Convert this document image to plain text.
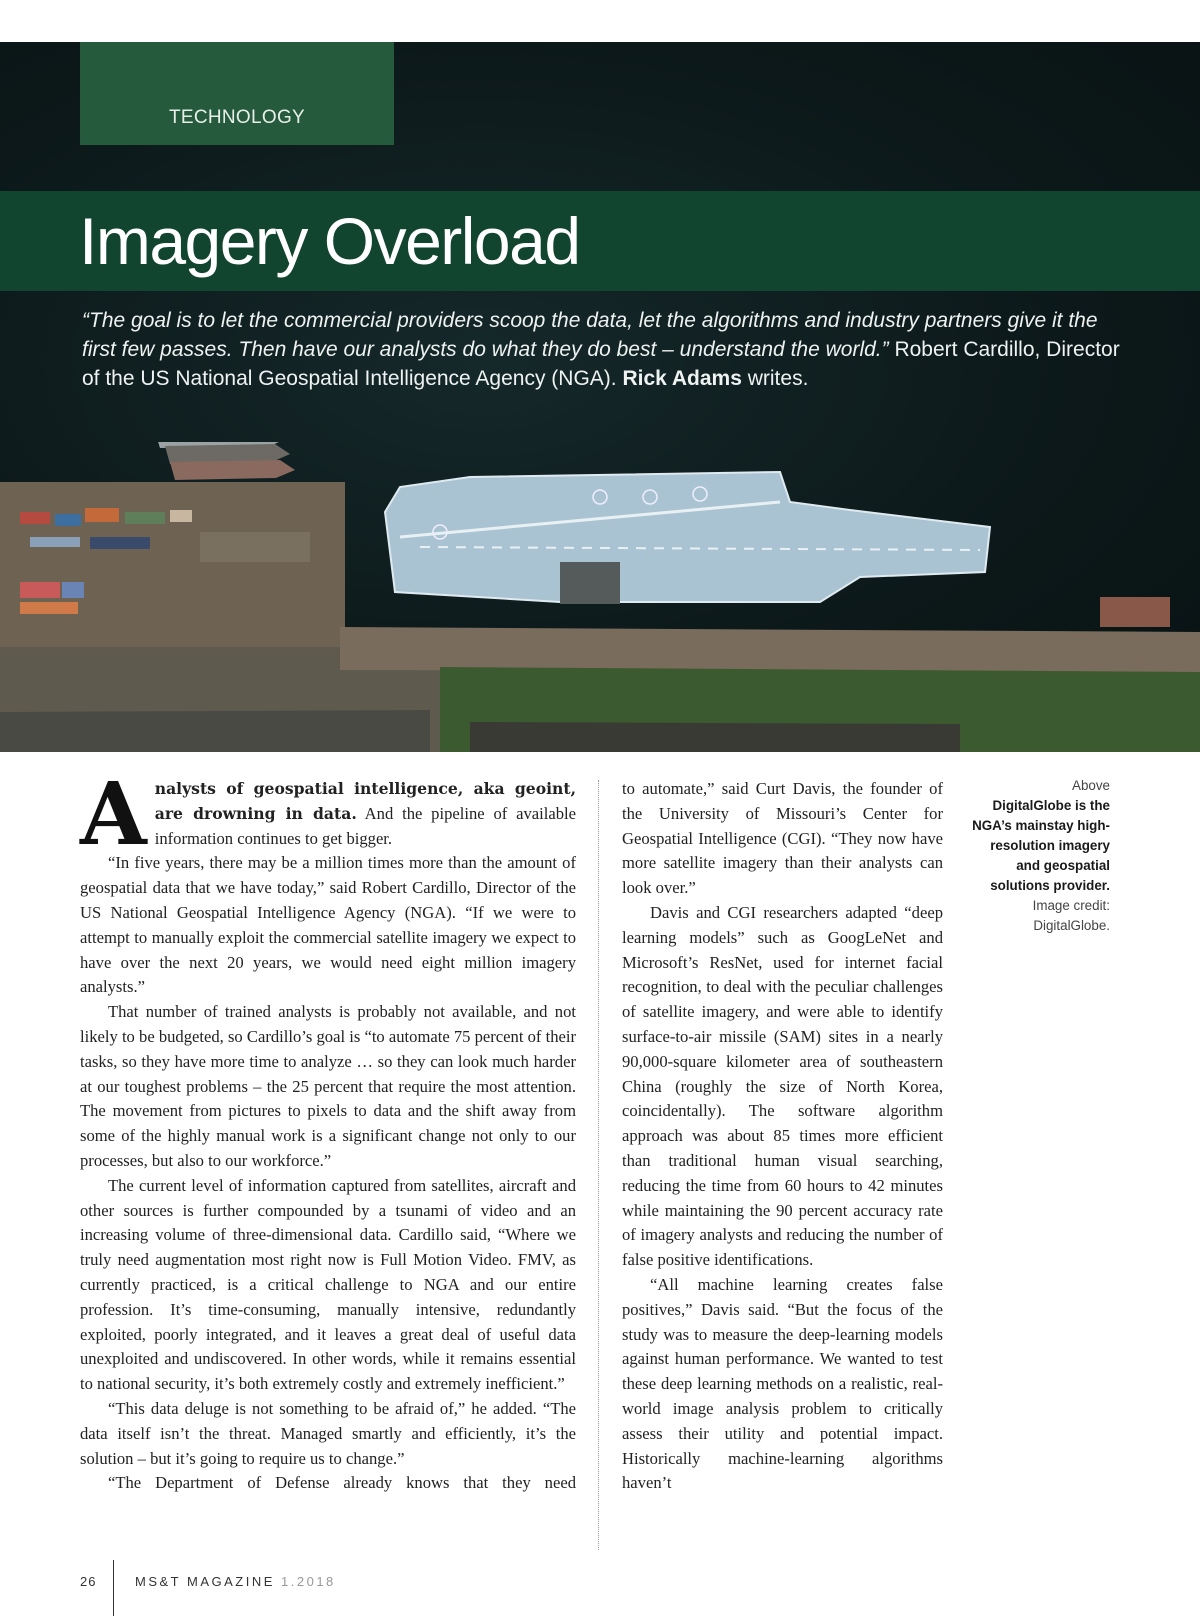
TECHNOLOGY
Imagery Overload

“The goal is to let the commercial providers scoop the data, let the algorithms and industry partners give it the first few passes. Then have our analysts do what they do best – understand the world.” Robert Cardillo, Director of the US National Geospatial Intelligence Agency (NGA). Rick Adams writes.

Analysts of geospatial intelligence, aka geoint, are drowning in data. And the pipeline of available information continues to get bigger.

“In five years, there may be a million times more than the amount of geospatial data that we have today,” said Robert Cardillo, Director of the US National Geospatial Intelligence Agency (NGA). “If we were to attempt to manually exploit the commercial satellite imagery we expect to have over the next 20 years, we would need eight million imagery analysts.”

That number of trained analysts is probably not available, and not likely to be budgeted, so Cardillo’s goal is “to automate 75 percent of their tasks, so they have more time to analyze … so they can look much harder at our toughest problems – the 25 percent that require the most attention. The movement from pictures to pixels to data and the shift away from some of the highly manual work is a significant change not only to our processes, but also to our workforce.”

The current level of information captured from satellites, aircraft and other sources is further compounded by a tsunami of video and an increasing volume of three-dimensional data. Cardillo said, “Where we truly need augmentation most right now is Full Motion Video. FMV, as currently practiced, is a critical challenge to NGA and our entire profession. It’s time-consuming, manually intensive, redundantly exploited, poorly integrated, and it leaves a great deal of useful data unexploited and undiscovered. In other words, while it remains essential to national security, it’s both extremely costly and extremely inefficient.”

“This data deluge is not something to be afraid of,” he added. “The data itself isn’t the threat. Managed smartly and efficiently, it’s the solution – but it’s going to require us to change.”

“The Department of Defense already knows that they need

to automate,” said Curt Davis, the founder of the University of Missouri’s Center for Geospatial Intelligence (CGI). “They now have more satellite imagery than their analysts can look over.”

Davis and CGI researchers adapted “deep learning models” such as GoogLeNet and Microsoft’s ResNet, used for internet facial recognition, to deal with the peculiar challenges of satellite imagery, and were able to identify surface-to-air missile (SAM) sites in a nearly 90,000-square kilometer area of southeastern China (roughly the size of North Korea, coincidentally). The software algorithm approach was about 85 times more efficient than traditional human visual searching, reducing the time from 60 hours to 42 minutes while maintaining the 90 percent accuracy rate of imagery analysts and reducing the number of false positive identifications.

“All machine learning creates false positives,” Davis said. “But the focus of the study was to measure the deep-learning models against human performance. We wanted to test these deep learning methods on a realistic, real-world image analysis problem to critically assess their utility and potential impact. Historically machine-learning algorithms haven’t

Above
DigitalGlobe is the NGA’s mainstay high-resolution imagery and geospatial solutions provider.
Image credit: DigitalGlobe.
26	MS&T MAGAZINE 1.2018
